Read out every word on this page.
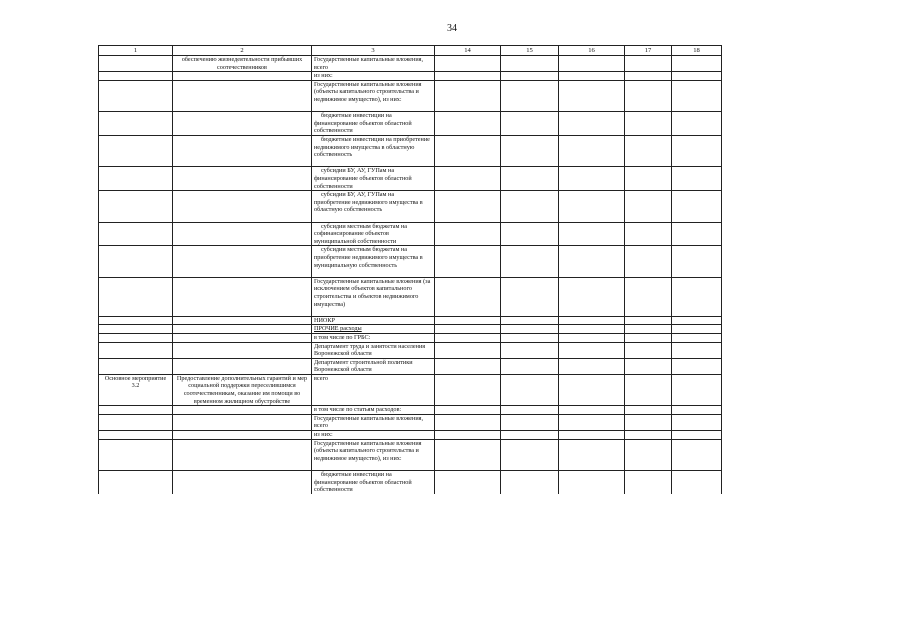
34
1	2	3	14	15	16	17	18
	обеспечению жизнедеятельности прибывших соотечественников	Государственные капитальные вложения, всего					
		из них:					
		Государственные капитальные вложения (объекты капитального строительства и недвижимое имущество), из них:					
		бюджетные инвестиции на финансирование объектов областной собственности					
		бюджетные инвестиции на приобретение недвижимого имущества в областную собственность					
		субсидии БУ, АУ, ГУПам на финансирование объектов областной собственности					
		субсидии БУ, АУ, ГУПам на приобретение недвижимого имущества в областную собственность					
		субсидии местным бюджетам на софинансирование объектов муниципальной собственности					
		субсидии местным бюджетам на приобретение недвижимого имущества в муниципальную собственность					
		Государственные капитальные вложения (за исключением объектов капитального строительства и объектов недвижимого имущества)					
		НИОКР					
		ПРОЧИЕ расходы					
		в том числе по ГРБС:					
		Департамент труда и занятости населения Воронежской области					
		Департамент строительной политики Воронежской области					
Основное мероприятие 3.2	Предоставление дополнительных гарантий и мер социальной поддержки переселившимся соотечественникам, оказание им помощи во временном жилищном обустройстве	всего					
		в том числе по статьям расходов:					
		Государственные капитальные вложения, всего					
		из них:					
		Государственные капитальные вложения (объекты капитального строительства и недвижимое имущество), из них:					
		бюджетные инвестиции на финансирование объектов областной собственности					
